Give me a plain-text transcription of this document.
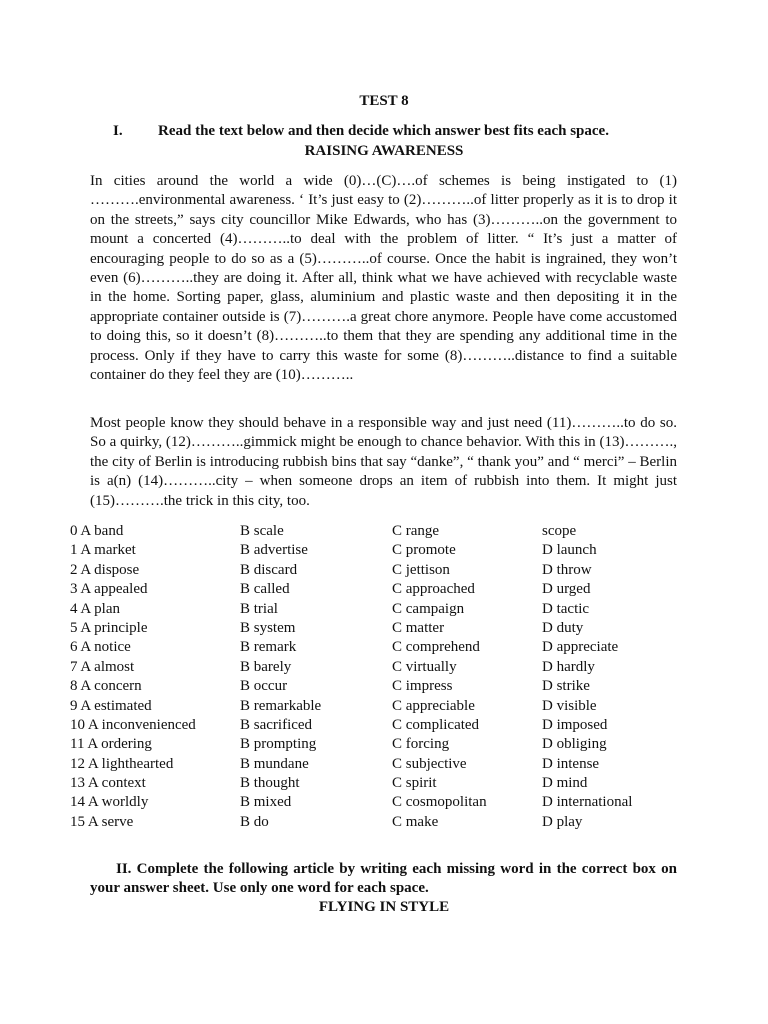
TEST 8
I. Read the text below and then decide which answer best fits each space.
RAISING AWARENESS

In cities around the world a wide (0)…(C)….of schemes is being instigated to (1) ……….environmental awareness. ‘ It’s just easy to (2)………..of litter properly as it is to drop it on the streets,” says city councillor Mike Edwards, who has (3)………..on the government to mount a concerted (4)………..to deal with the problem of litter. “ It’s just a matter of encouraging people to do so as a (5)………..of course. Once the habit is ingrained, they won’t even (6)………..they are doing it. After all, think what we have achieved with recyclable waste in the home. Sorting paper, glass, aluminium and plastic waste and then depositing it in the appropriate container outside is (7)……….a great chore anymore. People have come accustomed to doing this, so it doesn’t (8)………..to them that they are spending any additional time in the process. Only if they have to carry this waste for some (8)………..distance to find a suitable container do they feel they are (10)………..

Most people know they should behave in a responsible way and just need (11)………..to do so. So a quirky, (12)………..gimmick might be enough to chance behavior. With this in (13)………., the city of Berlin is introducing rubbish bins that say “danke”, “ thank you” and “ merci” – Berlin is a(n) (14)………..city – when someone drops an item of rubbish into them. It might just (15)……….the trick in this city, too.

0 A band	B scale	C range	scope
1 A market	B advertise	C promote	D launch
2 A dispose	B discard	C jettison	D throw
3 A appealed	B called	C approached	D urged
4 A plan	B trial	C campaign	D tactic
5 A principle	B system	C matter	D duty
6 A notice	B remark	C comprehend	D appreciate
7 A almost	B barely	C virtually	D hardly
8 A concern	B occur	C impress	D strike
9 A estimated	B remarkable	C appreciable	D visible
10 A inconvenienced	B sacrificed	C complicated	D imposed
11 A ordering	B prompting	C forcing	D obliging
12 A lighthearted	B mundane	C subjective	D intense
13 A context	B thought	C spirit	D mind
14 A worldly	B mixed	C cosmopolitan	D international
15 A serve	B do	C make	D play

II. Complete the following article by writing each missing word in the correct box on your answer sheet. Use only one word for each space.

FLYING IN STYLE
